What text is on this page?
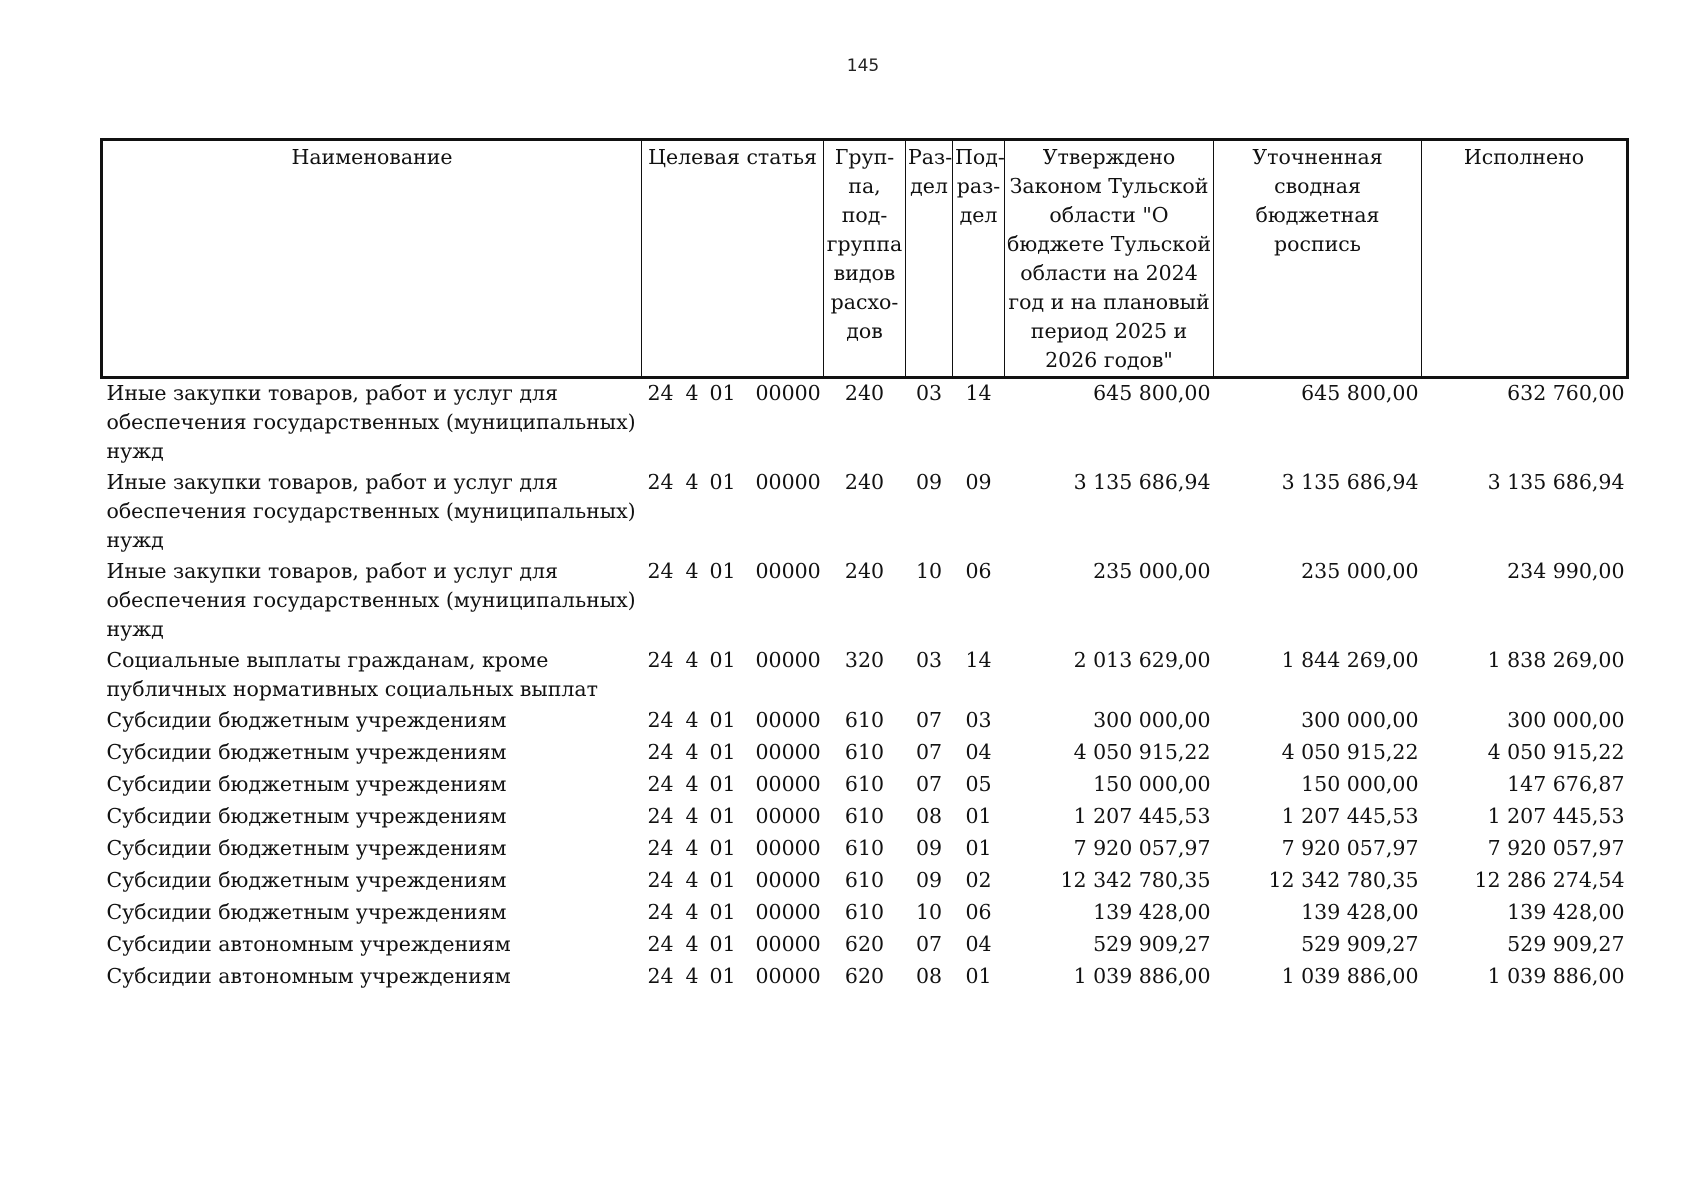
145
Наименование	Целевая статья	Груп-па, под-группа видов расхо-дов	Раз-дел	Под-раз-дел	Утверждено Законом Тульской области "О бюджете Тульской области на 2024 год и на плановый период 2025 и 2026 годов"	Уточненная сводная бюджетная роспись	Исполнено
Иные закупки товаров, работ и услуг для обеспечения государственных (муниципальных) нужд	24 4 01 00000	240	03	14	645 800,00	645 800,00	632 760,00
Иные закупки товаров, работ и услуг для обеспечения государственных (муниципальных) нужд	24 4 01 00000	240	09	09	3 135 686,94	3 135 686,94	3 135 686,94
Иные закупки товаров, работ и услуг для обеспечения государственных (муниципальных) нужд	24 4 01 00000	240	10	06	235 000,00	235 000,00	234 990,00
Социальные выплаты гражданам, кроме публичных нормативных социальных выплат	24 4 01 00000	320	03	14	2 013 629,00	1 844 269,00	1 838 269,00
Субсидии бюджетным учреждениям	24 4 01 00000	610	07	03	300 000,00	300 000,00	300 000,00
Субсидии бюджетным учреждениям	24 4 01 00000	610	07	04	4 050 915,22	4 050 915,22	4 050 915,22
Субсидии бюджетным учреждениям	24 4 01 00000	610	07	05	150 000,00	150 000,00	147 676,87
Субсидии бюджетным учреждениям	24 4 01 00000	610	08	01	1 207 445,53	1 207 445,53	1 207 445,53
Субсидии бюджетным учреждениям	24 4 01 00000	610	09	01	7 920 057,97	7 920 057,97	7 920 057,97
Субсидии бюджетным учреждениям	24 4 01 00000	610	09	02	12 342 780,35	12 342 780,35	12 286 274,54
Субсидии бюджетным учреждениям	24 4 01 00000	610	10	06	139 428,00	139 428,00	139 428,00
Субсидии автономным учреждениям	24 4 01 00000	620	07	04	529 909,27	529 909,27	529 909,27
Субсидии автономным учреждениям	24 4 01 00000	620	08	01	1 039 886,00	1 039 886,00	1 039 886,00
